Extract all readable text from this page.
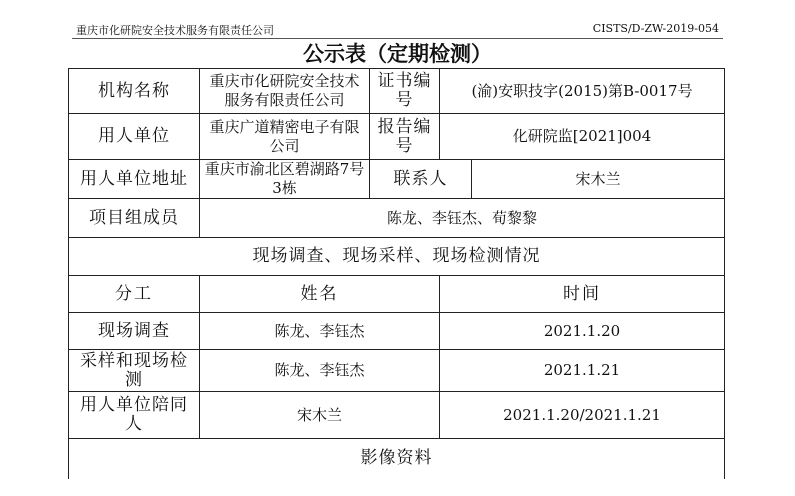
重庆市化研院安全技术服务有限责任公司	CISTS/D-ZW-2019-054
公示表（定期检测）
机构名称	重庆市化研院安全技术服务有限责任公司	证书编号	(渝)安职技字(2015)第B-0017号	
用人单位	重庆广道精密电子有限公司	报告编号	化研院监[2021]004	
用人单位地址	重庆市渝北区碧湖路7号3栋	联系人		宋木兰
项目组成员	陈龙、李钰杰、荀黎黎			
现场调查、现场采样、现场检测情况				
分工	姓名		时间	
现场调查	陈龙、李钰杰		2021.1.20	
采样和现场检测	陈龙、李钰杰		2021.1.21	
用人单位陪同人	宋木兰		2021.1.20/2021.1.21	
影像资料				
